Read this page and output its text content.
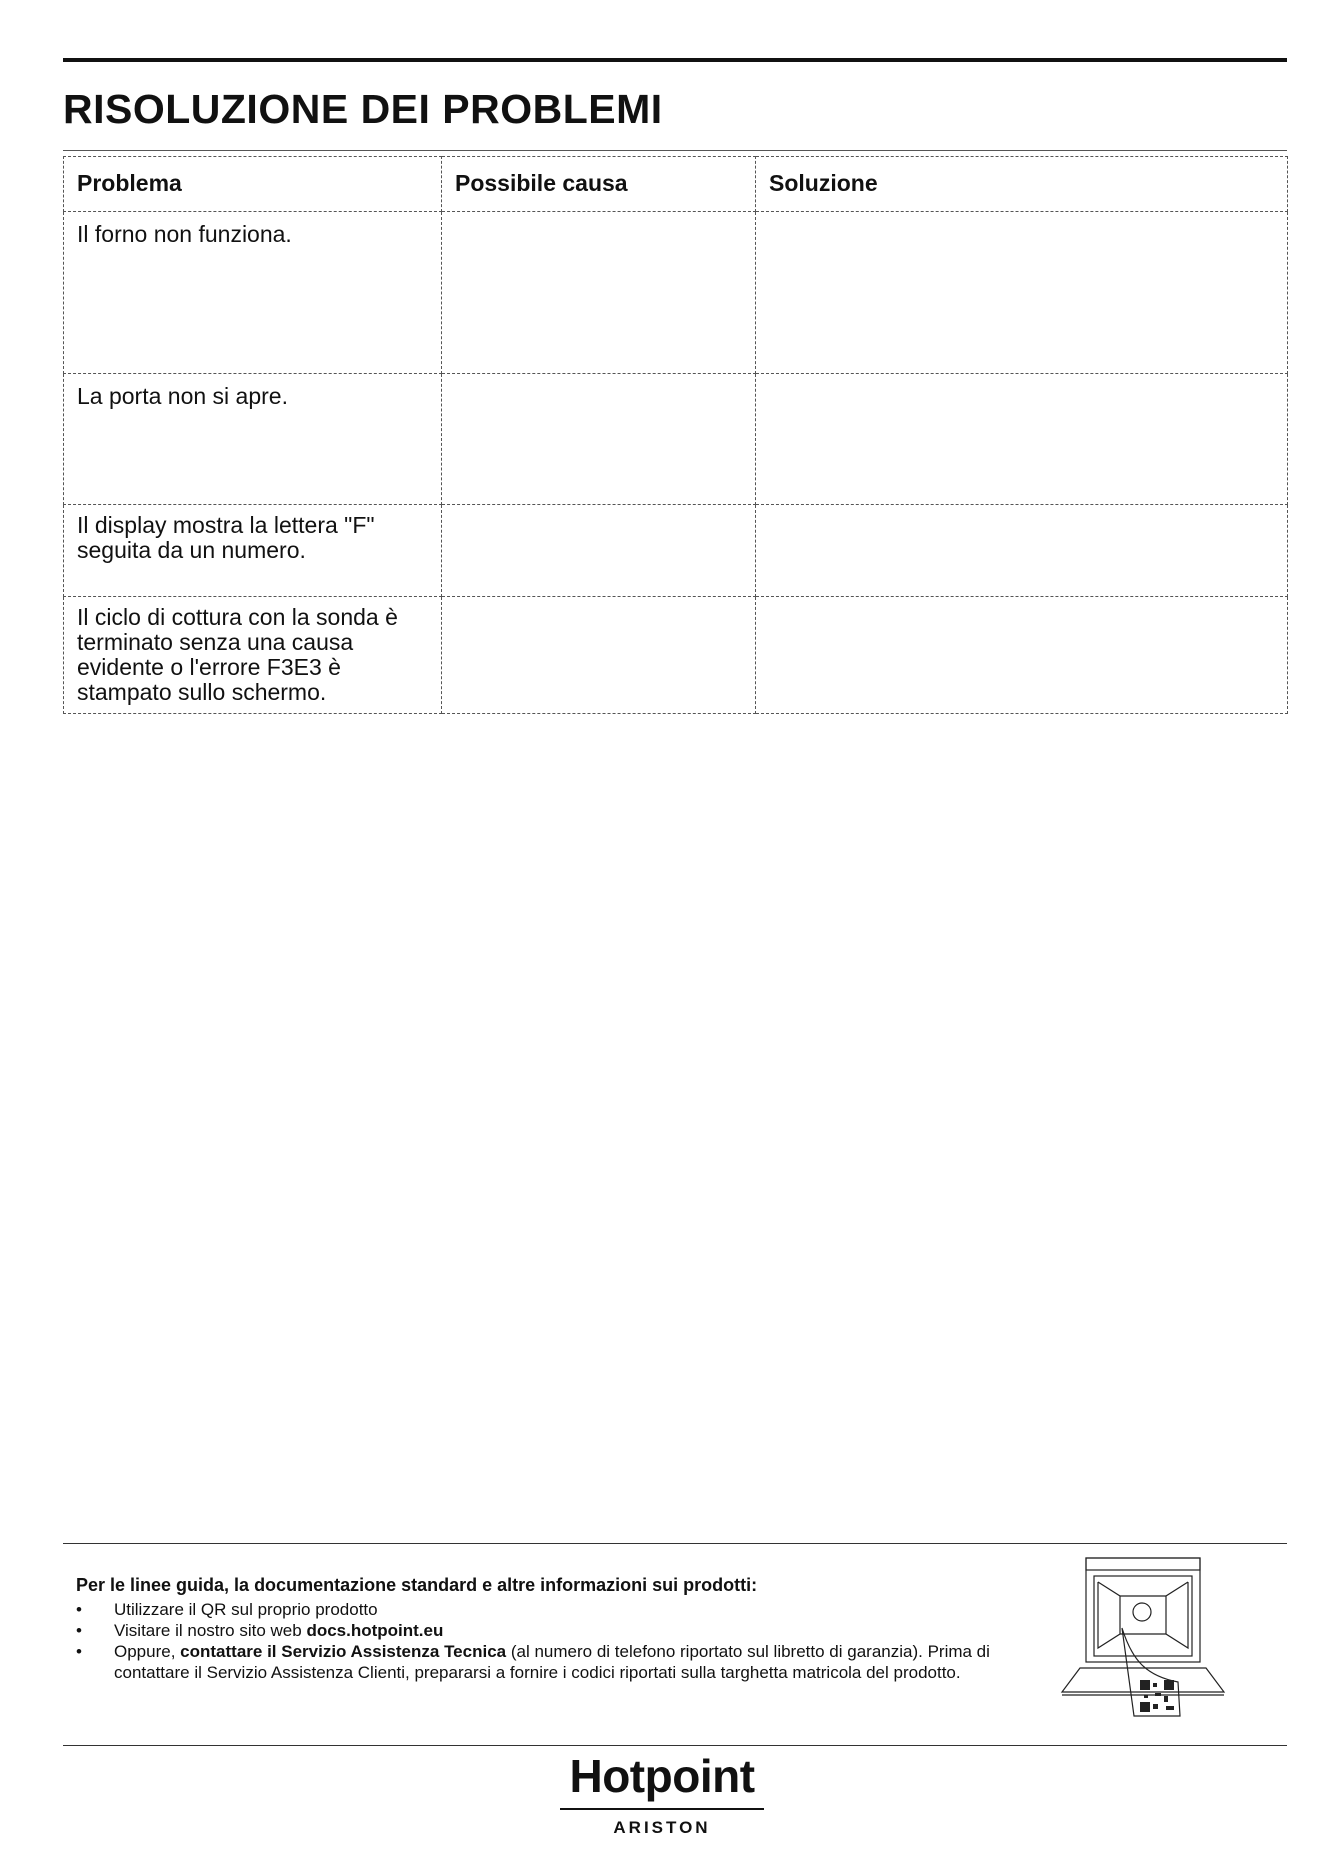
RISOLUZIONE DEI PROBLEMI
Problema	Possibile causa	Soluzione
Il forno non funziona.		
La porta non si apre.		
Il display mostra la lettera "F" seguita da un numero.		
Il ciclo di cottura con la sonda è terminato senza una causa evidente o l'errore F3E3 è stampato sullo schermo.		
Per le linee guida, la documentazione standard e altre informazioni sui prodotti:
• Utilizzare il QR sul proprio prodotto
• Visitare il nostro sito web docs.hotpoint.eu
• Oppure, contattare il Servizio Assistenza Tecnica (al numero di telefono riportato sul libretto di garanzia). Prima di contattare il Servizio Assistenza Clienti, prepararsi a fornire i codici riportati sulla targhetta matricola del prodotto.
Hotpoint
ARISTON
